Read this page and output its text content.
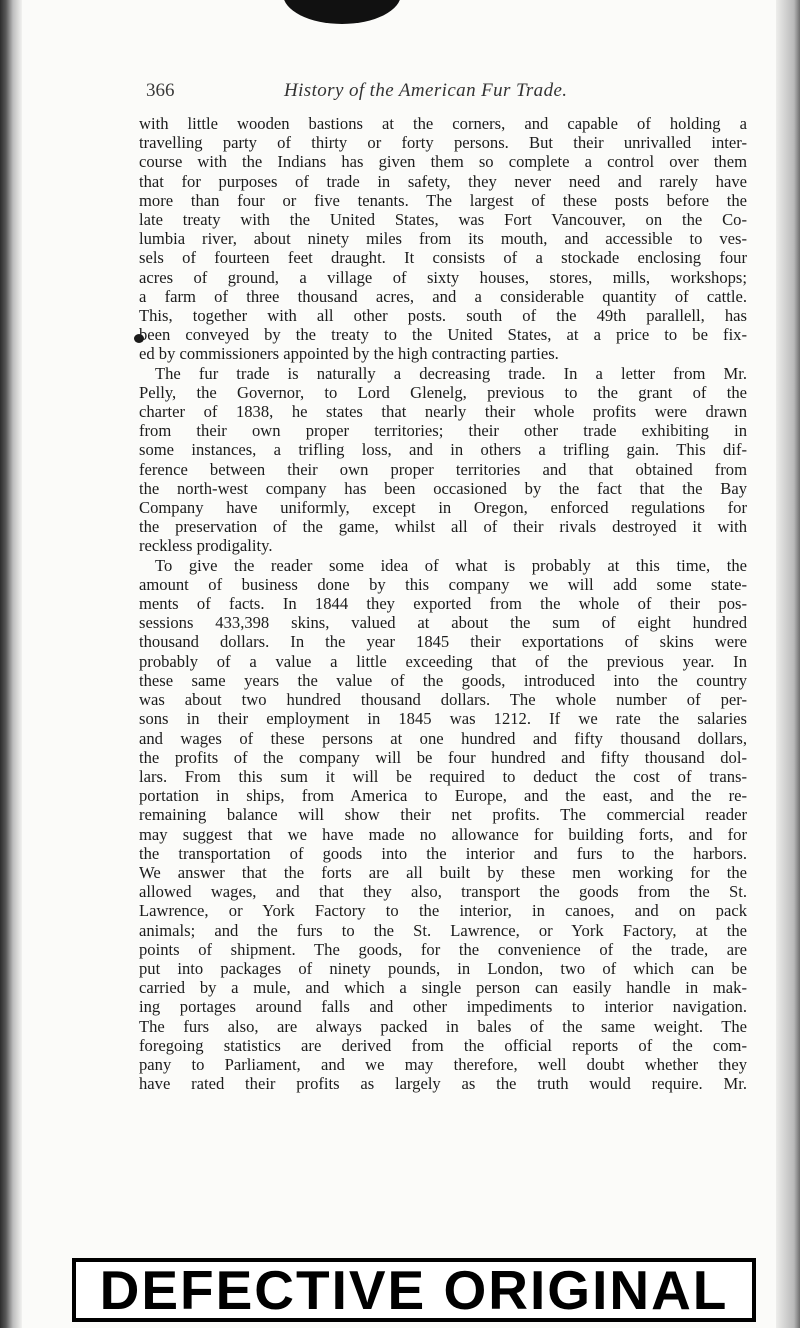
366	History of the American Fur Trade.
with little wooden bastions at the corners, and capable of holding a
travelling party of thirty or forty persons. But their unrivalled inter-
course with the Indians has given them so complete a control over them
that for purposes of trade in safety, they never need and rarely have
more than four or five tenants. The largest of these posts before the
late treaty with the United States, was Fort Vancouver, on the Co-
lumbia river, about ninety miles from its mouth, and accessible to ves-
sels of fourteen feet draught. It consists of a stockade enclosing four
acres of ground, a village of sixty houses, stores, mills, workshops;
a farm of three thousand acres, and a considerable quantity of cattle.
This, together with all other posts. south of the 49th parallell, has
been conveyed by the treaty to the United States, at a price to be fix-
ed by commissioners appointed by the high contracting parties.
The fur trade is naturally a decreasing trade. In a letter from Mr.
Pelly, the Governor, to Lord Glenelg, previous to the grant of the
charter of 1838, he states that nearly their whole profits were drawn
from their own proper territories; their other trade exhibiting in
some instances, a trifling loss, and in others a trifling gain. This dif-
ference between their own proper territories and that obtained from
the north-west company has been occasioned by the fact that the Bay
Company have uniformly, except in Oregon, enforced regulations for
the preservation of the game, whilst all of their rivals destroyed it with
reckless prodigality.
To give the reader some idea of what is probably at this time, the
amount of business done by this company we will add some state-
ments of facts. In 1844 they exported from the whole of their pos-
sessions 433,398 skins, valued at about the sum of eight hundred
thousand dollars. In the year 1845 their exportations of skins were
probably of a value a little exceeding that of the previous year. In
these same years the value of the goods, introduced into the country
was about two hundred thousand dollars. The whole number of per-
sons in their employment in 1845 was 1212. If we rate the salaries
and wages of these persons at one hundred and fifty thousand dollars,
the profits of the company will be four hundred and fifty thousand dol-
lars. From this sum it will be required to deduct the cost of trans-
portation in ships, from America to Europe, and the east, and the re-
remaining balance will show their net profits. The commercial reader
may suggest that we have made no allowance for building forts, and for
the transportation of goods into the interior and furs to the harbors.
We answer that the forts are all built by these men working for the
allowed wages, and that they also, transport the goods from the St.
Lawrence, or York Factory to the interior, in canoes, and on pack
animals; and the furs to the St. Lawrence, or York Factory, at the
points of shipment. The goods, for the convenience of the trade, are
put into packages of ninety pounds, in London, two of which can be
carried by a mule, and which a single person can easily handle in mak-
ing portages around falls and other impediments to interior navigation.
The furs also, are always packed in bales of the same weight. The
foregoing statistics are derived from the official reports of the com-
pany to Parliament, and we may therefore, well doubt whether they
have rated their profits as largely as the truth would require. Mr.
DEFECTIVE ORIGINAL
